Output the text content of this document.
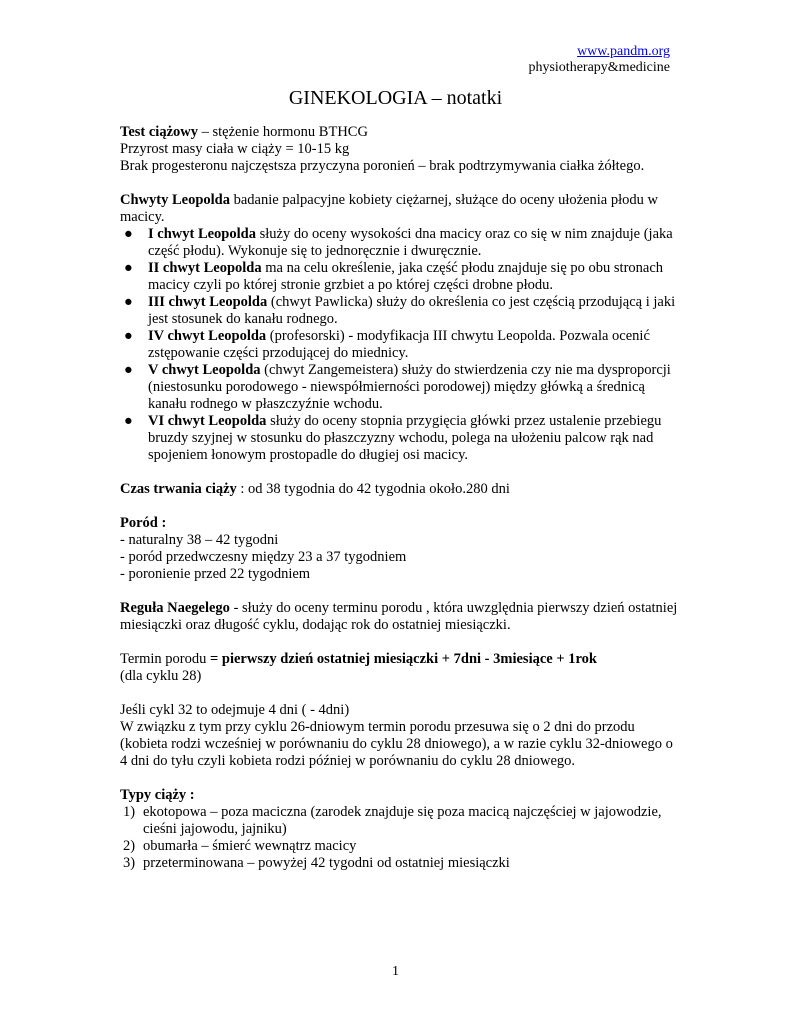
www.pandm.org
physiotherapy&medicine
GINEKOLOGIA – notatki

Test ciążowy – stężenie hormonu BTHCG

Przyrost masy ciała w ciąży = 10-15 kg

Brak progesteronu najczęstsza przyczyna poronień – brak podtrzymywania ciałka żółtego.

Chwyty Leopolda badanie palpacyjne kobiety ciężarnej, służące do oceny ułożenia płodu w macicy.

● I chwyt Leopolda służy do oceny wysokości dna macicy oraz co się w nim znajduje (jaka część płodu). Wykonuje się to jednoręcznie i dwuręcznie.
● II chwyt Leopolda ma na celu określenie, jaka część płodu znajduje się po obu stronach macicy czyli po której stronie grzbiet a po której części drobne płodu.
● III chwyt Leopolda (chwyt Pawlicka) służy do określenia co jest częścią przodującą i jaki jest stosunek do kanału rodnego.
● IV chwyt Leopolda (profesorski) - modyfikacja III chwytu Leopolda. Pozwala ocenić zstępowanie części przodującej do miednicy.
● V chwyt Leopolda (chwyt Zangemeistera) służy do stwierdzenia czy nie ma dysproporcji (niestosunku porodowego - niewspółmierności porodowej) między główką a średnicą kanału rodnego w płaszczyźnie wchodu.
● VI chwyt Leopolda służy do oceny stopnia przygięcia główki przez ustalenie przebiegu bruzdy szyjnej w stosunku do płaszczyzny wchodu, polega na ułożeniu palcow rąk nad spojeniem łonowym prostopadle do długiej osi macicy.

Czas trwania ciąży : od 38 tygodnia do 42 tygodnia około.280 dni

Poród :

- naturalny 38 – 42 tygodni

- poród przedwczesny między 23 a 37 tygodniem

- poronienie przed 22 tygodniem

Reguła Naegelego - służy do oceny terminu porodu , która uwzględnia pierwszy dzień ostatniej miesiączki oraz długość cyklu, dodając rok do ostatniej miesiączki.

Termin porodu = pierwszy dzień ostatniej miesiączki + 7dni - 3miesiące + 1rok

(dla cyklu 28)

Jeśli cykl 32 to odejmuje 4 dni ( - 4dni)

W związku z tym przy cyklu 26-dniowym termin porodu przesuwa się o 2 dni do przodu (kobieta rodzi wcześniej w porównaniu do cyklu 28 dniowego), a w razie cyklu 32-dniowego o 4 dni do tyłu czyli kobieta rodzi później w porównaniu do cyklu 28 dniowego.

Typy ciąży :

1) ekotopowa – poza maciczna (zarodek znajduje się poza macicą najczęściej w jajowodzie, cieśni jajowodu, jajniku)
2) obumarła – śmierć wewnątrz macicy
3) przeterminowana – powyżej 42 tygodni od ostatniej miesiączki
1
